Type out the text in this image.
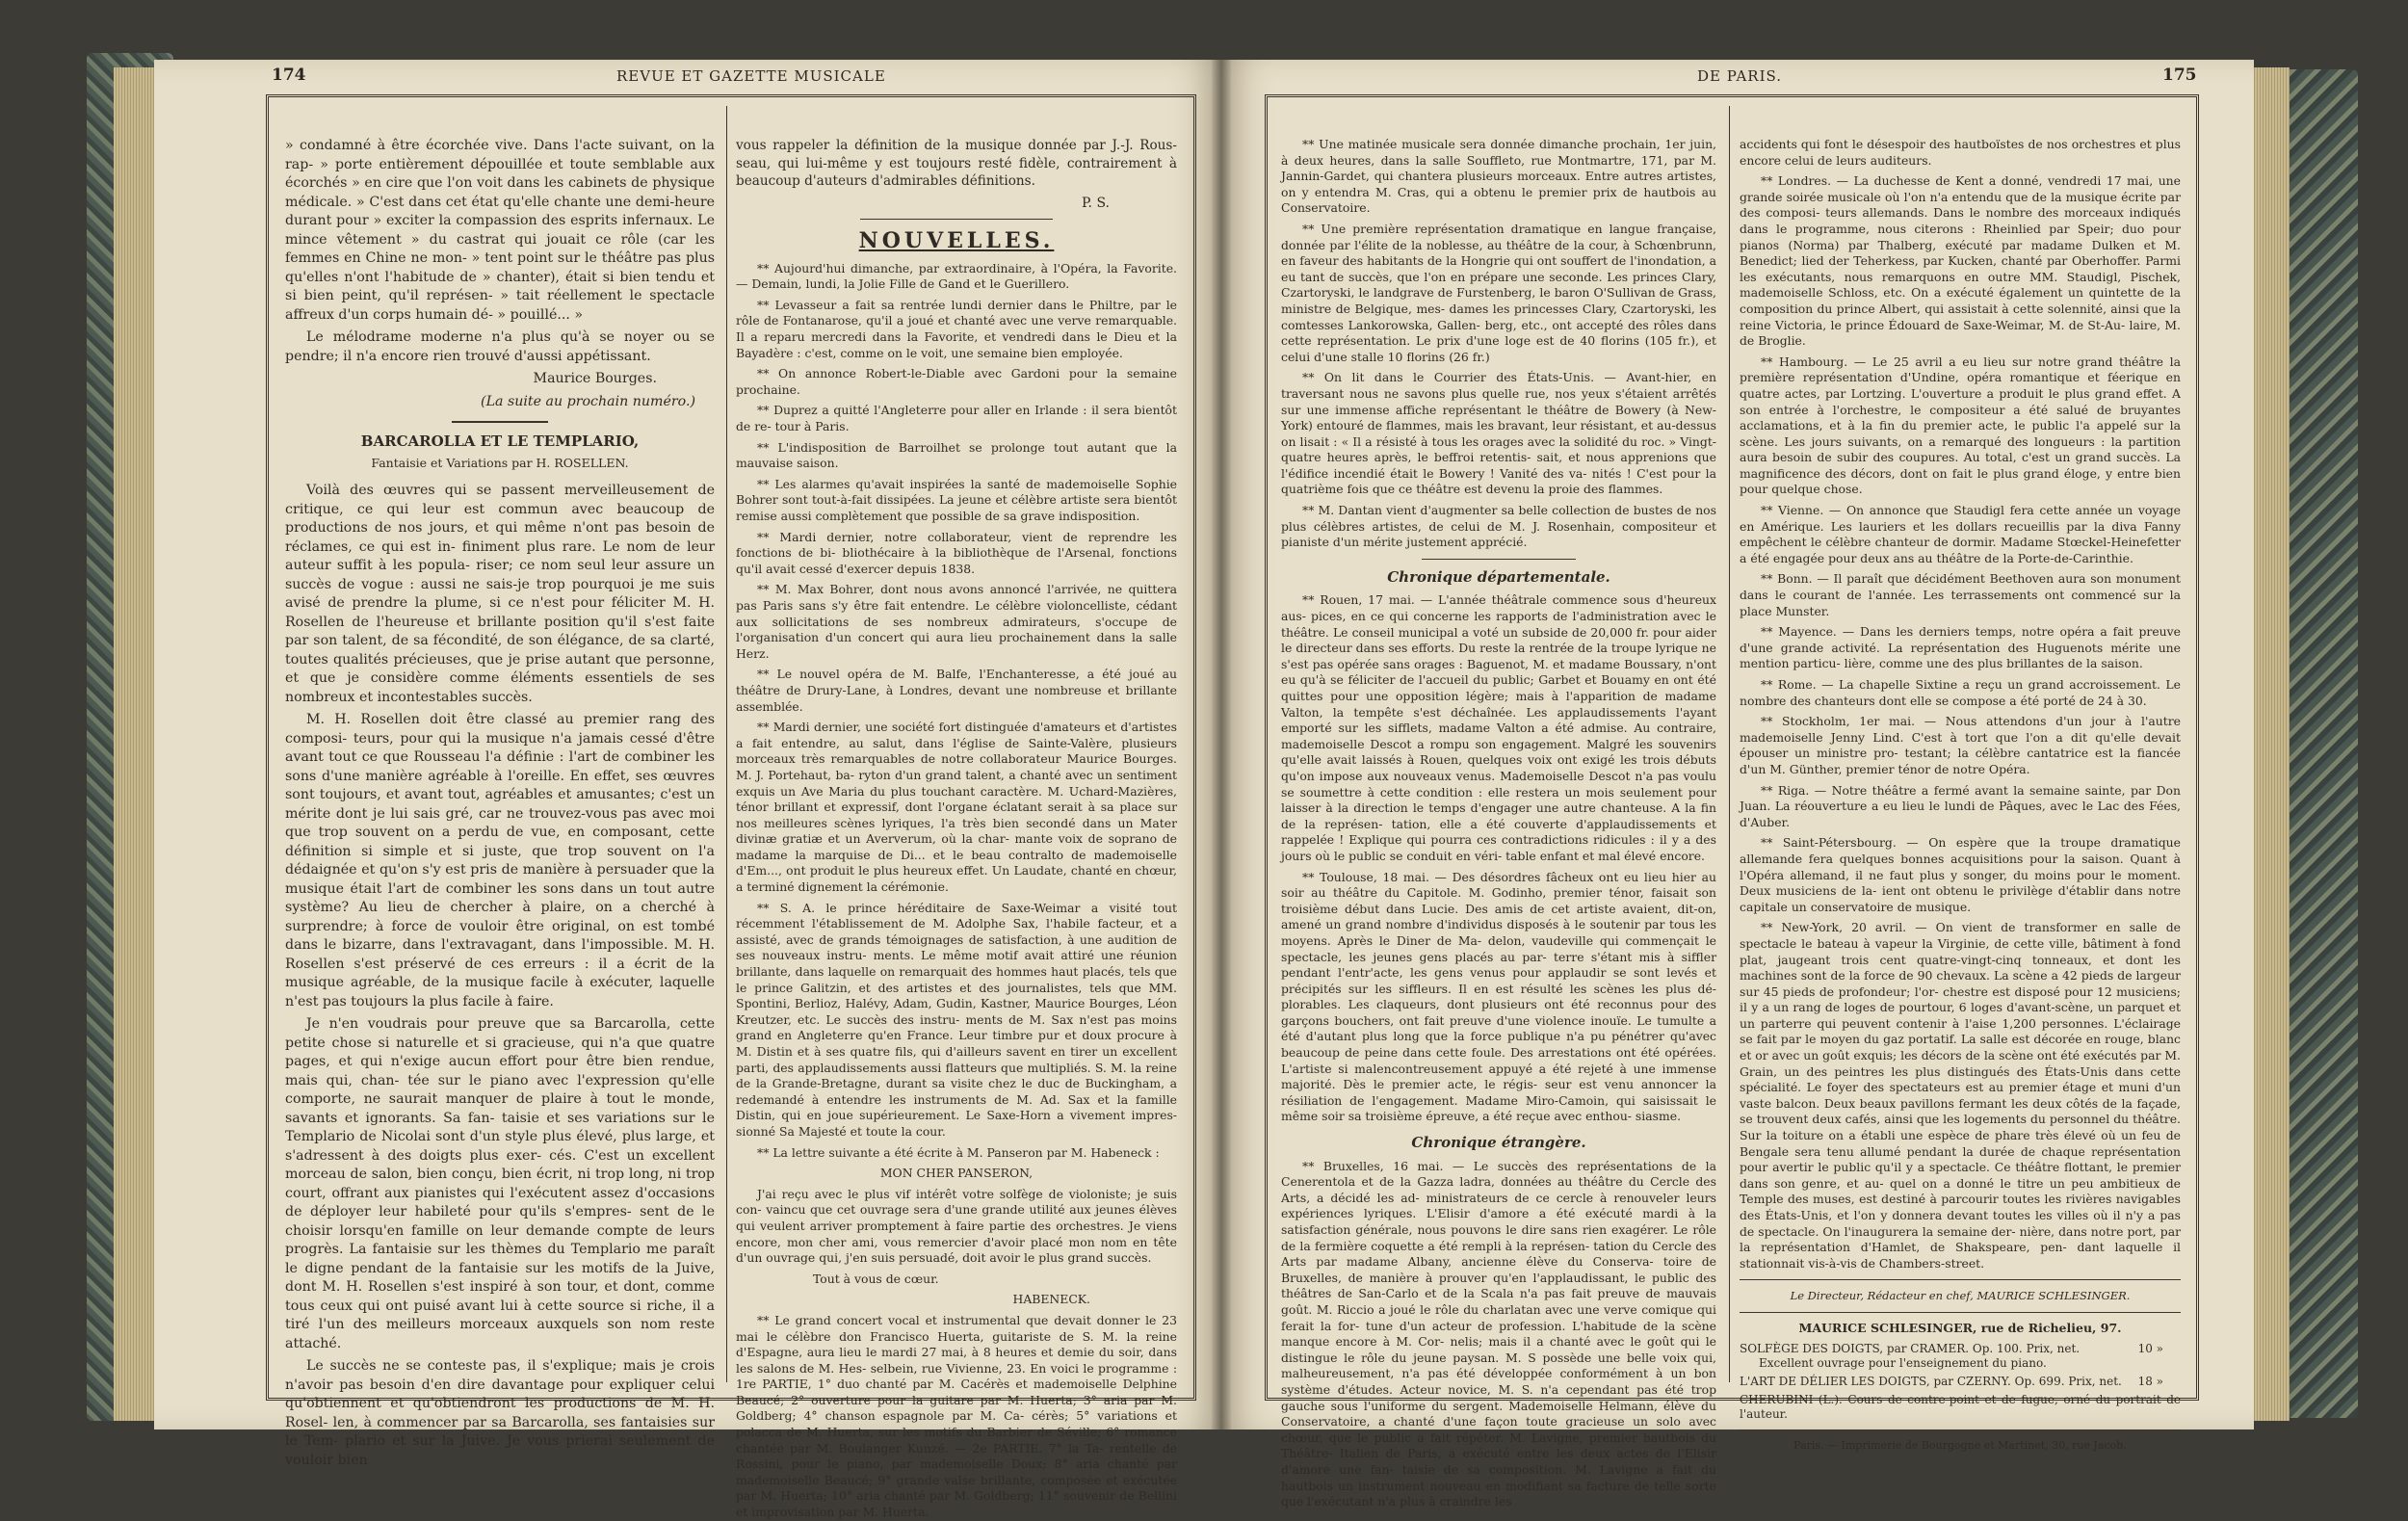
174	REVUE ET GAZETTE MUSICALE	DE PARIS.	175

» condamné à être écorchée vive. Dans l'acte suivant, on la rap- » porte entièrement dépouillée et toute semblable aux écorchés » en cire que l'on voit dans les cabinets de physique médicale. » C'est dans cet état qu'elle chante une demi-heure durant pour » exciter la compassion des esprits infernaux. Le mince vêtement » du castrat qui jouait ce rôle (car les femmes en Chine ne mon- » tent point sur le théâtre pas plus qu'elles n'ont l'habitude de » chanter), était si bien tendu et si bien peint, qu'il représen- » tait réellement le spectacle affreux d'un corps humain dé- » pouillé... »

Le mélodrame moderne n'a plus qu'à se noyer ou se pendre; il n'a encore rien trouvé d'aussi appétissant.

Maurice Bourges.

(La suite au prochain numéro.)

BARCAROLLA ET LE TEMPLARIO,
Fantaisie et Variations par H. ROSELLEN.

Voilà des œuvres qui se passent merveilleusement de critique, ce qui leur est commun avec beaucoup de productions de nos jours, et qui même n'ont pas besoin de réclames, ce qui est in- finiment plus rare. Le nom de leur auteur suffit à les popula- riser; ce nom seul leur assure un succès de vogue : aussi ne sais-je trop pourquoi je me suis avisé de prendre la plume, si ce n'est pour féliciter M. H. Rosellen de l'heureuse et brillante position qu'il s'est faite par son talent, de sa fécondité, de son élégance, de sa clarté, toutes qualités précieuses, que je prise autant que personne, et que je considère comme éléments essentiels de ses nombreux et incontestables succès.

M. H. Rosellen doit être classé au premier rang des composi- teurs, pour qui la musique n'a jamais cessé d'être avant tout ce que Rousseau l'a définie : l'art de combiner les sons d'une manière agréable à l'oreille. En effet, ses œuvres sont toujours, et avant tout, agréables et amusantes; c'est un mérite dont je lui sais gré, car ne trouvez-vous pas avec moi que trop souvent on a perdu de vue, en composant, cette définition si simple et si juste, que trop souvent on l'a dédaignée et qu'on s'y est pris de manière à persuader que la musique était l'art de combiner les sons dans un tout autre système? Au lieu de chercher à plaire, on a cherché à surprendre; à force de vouloir être original, on est tombé dans le bizarre, dans l'extravagant, dans l'impossible. M. H. Rosellen s'est préservé de ces erreurs : il a écrit de la musique agréable, de la musique facile à exécuter, laquelle n'est pas toujours la plus facile à faire.

Je n'en voudrais pour preuve que sa Barcarolla, cette petite chose si naturelle et si gracieuse, qui n'a que quatre pages, et qui n'exige aucun effort pour être bien rendue, mais qui, chan- tée sur le piano avec l'expression qu'elle comporte, ne saurait manquer de plaire à tout le monde, savants et ignorants. Sa fan- taisie et ses variations sur le Templario de Nicolai sont d'un style plus élevé, plus large, et s'adressent à des doigts plus exer- cés. C'est un excellent morceau de salon, bien conçu, bien écrit, ni trop long, ni trop court, offrant aux pianistes qui l'exécutent assez d'occasions de déployer leur habileté pour qu'ils s'empres- sent de le choisir lorsqu'en famille on leur demande compte de leurs progrès. La fantaisie sur les thèmes du Templario me paraît le digne pendant de la fantaisie sur les motifs de la Juive, dont M. H. Rosellen s'est inspiré à son tour, et dont, comme tous ceux qui ont puisé avant lui à cette source si riche, il a tiré l'un des meilleurs morceaux auxquels son nom reste attaché.

Le succès ne se conteste pas, il s'explique; mais je crois n'avoir pas besoin d'en dire davantage pour expliquer celui qu'obtiennent et qu'obtiendront les productions de M. H. Rosel- len, à commencer par sa Barcarolla, ses fantaisies sur le Tem- plario et sur la Juive. Je vous prierai seulement de vouloir bien

vous rappeler la définition de la musique donnée par J.-J. Rous- seau, qui lui-même y est toujours resté fidèle, contrairement à beaucoup d'auteurs d'admirables définitions.

P. S.

NOUVELLES.

** Aujourd'hui dimanche, par extraordinaire, à l'Opéra, la Favorite. — Demain, lundi, la Jolie Fille de Gand et le Guerillero.

** Levasseur a fait sa rentrée lundi dernier dans le Philtre, par le rôle de Fontanarose, qu'il a joué et chanté avec une verve remarquable. Il a reparu mercredi dans la Favorite, et vendredi dans le Dieu et la Bayadère : c'est, comme on le voit, une semaine bien employée.

** On annonce Robert-le-Diable avec Gardoni pour la semaine prochaine.

** Duprez a quitté l'Angleterre pour aller en Irlande : il sera bientôt de re- tour à Paris.

** L'indisposition de Barroilhet se prolonge tout autant que la mauvaise saison.

** Les alarmes qu'avait inspirées la santé de mademoiselle Sophie Bohrer sont tout-à-fait dissipées. La jeune et célèbre artiste sera bientôt remise aussi complètement que possible de sa grave indisposition.

** Mardi dernier, notre collaborateur, vient de reprendre les fonctions de bi- bliothécaire à la bibliothèque de l'Arsenal, fonctions qu'il avait cessé d'exercer depuis 1838.

** M. Max Bohrer, dont nous avons annoncé l'arrivée, ne quittera pas Paris sans s'y être fait entendre. Le célèbre violoncelliste, cédant aux sollicitations de ses nombreux admirateurs, s'occupe de l'organisation d'un concert qui aura lieu prochainement dans la salle Herz.

** Le nouvel opéra de M. Balfe, l'Enchanteresse, a été joué au théâtre de Drury-Lane, à Londres, devant une nombreuse et brillante assemblée.

** Mardi dernier, une société fort distinguée d'amateurs et d'artistes a fait entendre, au salut, dans l'église de Sainte-Valère, plusieurs morceaux très remarquables de notre collaborateur Maurice Bourges. M. J. Portehaut, ba- ryton d'un grand talent, a chanté avec un sentiment exquis un Ave Maria du plus touchant caractère. M. Uchard-Mazières, ténor brillant et expressif, dont l'organe éclatant serait à sa place sur nos meilleures scènes lyriques, l'a très bien secondé dans un Mater divinæ gratiæ et un Aververum, où la char- mante voix de soprano de madame la marquise de Di... et le beau contralto de mademoiselle d'Em..., ont produit le plus heureux effet. Un Laudate, chanté en chœur, a terminé dignement la cérémonie.

** S. A. le prince héréditaire de Saxe-Weimar a visité tout récemment l'établissement de M. Adolphe Sax, l'habile facteur, et a assisté, avec de grands témoignages de satisfaction, à une audition de ses nouveaux instru- ments. Le même motif avait attiré une réunion brillante, dans laquelle on remarquait des hommes haut placés, tels que le prince Galitzin, et des artistes et des journalistes, tels que MM. Spontini, Berlioz, Halévy, Adam, Gudin, Kastner, Maurice Bourges, Léon Kreutzer, etc. Le succès des instru- ments de M. Sax n'est pas moins grand en Angleterre qu'en France. Leur timbre pur et doux procure à M. Distin et à ses quatre fils, qui d'ailleurs savent en tirer un excellent parti, des applaudissements aussi flatteurs que multipliés. S. M. la reine de la Grande-Bretagne, durant sa visite chez le duc de Buckingham, a redemandé à entendre les instruments de M. Ad. Sax et la famille Distin, qui en joue supérieurement. Le Saxe-Horn a vivement impres- sionné Sa Majesté et toute la cour.

** La lettre suivante a été écrite à M. Panseron par M. Habeneck :

MON CHER PANSERON,

J'ai reçu avec le plus vif intérêt votre solfège de violoniste; je suis con- vaincu que cet ouvrage sera d'une grande utilité aux jeunes élèves qui veulent arriver promptement à faire partie des orchestres. Je viens encore, mon cher ami, vous remercier d'avoir placé mon nom en tête d'un ouvrage qui, j'en suis persuadé, doit avoir le plus grand succès.

Tout à vous de cœur.

HABENECK.

** Le grand concert vocal et instrumental que devait donner le 23 mai le célèbre don Francisco Huerta, guitariste de S. M. la reine d'Espagne, aura lieu le mardi 27 mai, à 8 heures et demie du soir, dans les salons de M. Hes- selbein, rue Vivienne, 23. En voici le programme : 1re PARTIE, 1° duo chanté par M. Cacérès et mademoiselle Delphine Beaucé; 2° ouverture pour la guitare par M. Huerta; 3° aria par M. Goldberg; 4° chanson espagnole par M. Ca- cérès; 5° variations et polacca de M. Huerta, sur les motifs du Barbier de Séville; 6° romance chantée par M. Boulanger Kunzé. — 2e PARTIE. 7° la Ta- rentelle de Rossini, pour le piano, par mademoiselle Doux; 8° aria chanté par mademoiselle Beaucé; 9° grande valse brillante, composée et exécutée par M. Huerta; 10° aria chanté par M. Goldberg; 11° souvenir de Bellini et improvisation par M. Huerta.

** Une matinée musicale sera donnée dimanche prochain, 1er juin, à deux heures, dans la salle Souffleto, rue Montmartre, 171, par M. Jannin-Gardet, qui chantera plusieurs morceaux. Entre autres artistes, on y entendra M. Cras, qui a obtenu le premier prix de hautbois au Conservatoire.

** Une première représentation dramatique en langue française, donnée par l'élite de la noblesse, au théâtre de la cour, à Schœnbrunn, en faveur des habitants de la Hongrie qui ont souffert de l'inondation, a eu tant de succès, que l'on en prépare une seconde. Les princes Clary, Czartoryski, le landgrave de Furstenberg, le baron O'Sullivan de Grass, ministre de Belgique, mes- dames les princesses Clary, Czartoryski, les comtesses Lankorowska, Gallen- berg, etc., ont accepté des rôles dans cette représentation. Le prix d'une loge est de 40 florins (105 fr.), et celui d'une stalle 10 florins (26 fr.)

** On lit dans le Courrier des États-Unis. — Avant-hier, en traversant nous ne savons plus quelle rue, nos yeux s'étaient arrêtés sur une immense affiche représentant le théâtre de Bowery (à New-York) entouré de flammes, mais les bravant, leur résistant, et au-dessus on lisait : « Il a résisté à tous les orages avec la solidité du roc. » Vingt-quatre heures après, le beffroi retentis- sait, et nous apprenions que l'édifice incendié était le Bowery ! Vanité des va- nités ! C'est pour la quatrième fois que ce théâtre est devenu la proie des flammes.

** M. Dantan vient d'augmenter sa belle collection de bustes de nos plus célèbres artistes, de celui de M. J. Rosenhain, compositeur et pianiste d'un mérite justement apprécié.

Chronique départementale.

** Rouen, 17 mai. — L'année théâtrale commence sous d'heureux aus- pices, en ce qui concerne les rapports de l'administration avec le théâtre. Le conseil municipal a voté un subside de 20,000 fr. pour aider le directeur dans ses efforts. Du reste la rentrée de la troupe lyrique ne s'est pas opérée sans orages : Baguenot, M. et madame Boussary, n'ont eu qu'à se féliciter de l'accueil du public; Garbet et Bouamy en ont été quittes pour une opposition légère; mais à l'apparition de madame Valton, la tempête s'est déchaînée. Les applaudissements l'ayant emporté sur les sifflets, madame Valton a été admise. Au contraire, mademoiselle Descot a rompu son engagement. Malgré les souvenirs qu'elle avait laissés à Rouen, quelques voix ont exigé les trois débuts qu'on impose aux nouveaux venus. Mademoiselle Descot n'a pas voulu se soumettre à cette condition : elle restera un mois seulement pour laisser à la direction le temps d'engager une autre chanteuse. A la fin de la représen- tation, elle a été couverte d'applaudissements et rappelée ! Explique qui pourra ces contradictions ridicules : il y a des jours où le public se conduit en véri- table enfant et mal élevé encore.

** Toulouse, 18 mai. — Des désordres fâcheux ont eu lieu hier au soir au théâtre du Capitole. M. Godinho, premier ténor, faisait son troisième début dans Lucie. Des amis de cet artiste avaient, dit-on, amené un grand nombre d'individus disposés à le soutenir par tous les moyens. Après le Diner de Ma- delon, vaudeville qui commençait le spectacle, les jeunes gens placés au par- terre s'étant mis à siffler pendant l'entr'acte, les gens venus pour applaudir se sont levés et précipités sur les siffleurs. Il en est résulté les scènes les plus dé- plorables. Les claqueurs, dont plusieurs ont été reconnus pour des garçons bouchers, ont fait preuve d'une violence inouïe. Le tumulte a été d'autant plus long que la force publique n'a pu pénétrer qu'avec beaucoup de peine dans cette foule. Des arrestations ont été opérées. L'artiste si malencontreusement appuyé a été rejeté à une immense majorité. Dès le premier acte, le régis- seur est venu annoncer la résiliation de l'engagement. Madame Miro-Camoin, qui saisissait le même soir sa troisième épreuve, a été reçue avec enthou- siasme.

Chronique étrangère.

** Bruxelles, 16 mai. — Le succès des représentations de la Cenerentola et de la Gazza ladra, données au théâtre du Cercle des Arts, a décidé les ad- ministrateurs de ce cercle à renouveler leurs expériences lyriques. L'Elisir d'amore a été exécuté mardi à la satisfaction générale, nous pouvons le dire sans rien exagérer. Le rôle de la fermière coquette a été rempli à la représen- tation du Cercle des Arts par madame Albany, ancienne élève du Conserva- toire de Bruxelles, de manière à prouver qu'en l'applaudissant, le public des théâtres de San-Carlo et de la Scala n'a pas fait preuve de mauvais goût. M. Riccio a joué le rôle du charlatan avec une verve comique qui ferait la for- tune d'un acteur de profession. L'habitude de la scène manque encore à M. Cor- nelis; mais il a chanté avec le goût qui le distingue le rôle du jeune paysan. M. S possède une belle voix qui, malheureusement, n'a pas été développée conformément à un bon système d'études. Acteur novice, M. S. n'a cependant pas été trop gauche sous l'uniforme du sergent. Mademoiselle Helmann, élève du Conservatoire, a chanté d'une façon toute gracieuse un solo avec chœur, que le public a fait répéter. M. Lavigne, premier hautbois du Théâtre- Italien de Paris, a exécuté entre les deux actes de l'Elisir d'amore une fan- taisie de sa composition. M. Lavigne a fait du hautbois un instrument nouveau en modifiant sa facture de telle sorte que l'exécutant n'a plus à craindre les

accidents qui font le désespoir des hautboïstes de nos orchestres et plus encore celui de leurs auditeurs.

** Londres. — La duchesse de Kent a donné, vendredi 17 mai, une grande soirée musicale où l'on n'a entendu que de la musique écrite par des composi- teurs allemands. Dans le nombre des morceaux indiqués dans le programme, nous citerons : Rheinlied par Speir; duo pour pianos (Norma) par Thalberg, exécuté par madame Dulken et M. Benedict; lied der Teherkess, par Kucken, chanté par Oberhoffer. Parmi les exécutants, nous remarquons en outre MM. Staudigl, Pischek, mademoiselle Schloss, etc. On a exécuté également un quintette de la composition du prince Albert, qui assistait à cette solennité, ainsi que la reine Victoria, le prince Édouard de Saxe-Weimar, M. de St-Au- laire, M. de Broglie.

** Hambourg. — Le 25 avril a eu lieu sur notre grand théâtre la première représentation d'Undine, opéra romantique et féerique en quatre actes, par Lortzing. L'ouverture a produit le plus grand effet. A son entrée à l'orchestre, le compositeur a été salué de bruyantes acclamations, et à la fin du premier acte, le public l'a appelé sur la scène. Les jours suivants, on a remarqué des longueurs : la partition aura besoin de subir des coupures. Au total, c'est un grand succès. La magnificence des décors, dont on fait le plus grand éloge, y entre bien pour quelque chose.

** Vienne. — On annonce que Staudigl fera cette année un voyage en Amérique. Les lauriers et les dollars recueillis par la diva Fanny empêchent le célèbre chanteur de dormir. Madame Stœckel-Heinefetter a été engagée pour deux ans au théâtre de la Porte-de-Carinthie.

** Bonn. — Il paraît que décidément Beethoven aura son monument dans le courant de l'année. Les terrassements ont commencé sur la place Munster.

** Mayence. — Dans les derniers temps, notre opéra a fait preuve d'une grande activité. La représentation des Huguenots mérite une mention particu- lière, comme une des plus brillantes de la saison.

** Rome. — La chapelle Sixtine a reçu un grand accroissement. Le nombre des chanteurs dont elle se compose a été porté de 24 à 30.

** Stockholm, 1er mai. — Nous attendons d'un jour à l'autre mademoiselle Jenny Lind. C'est à tort que l'on a dit qu'elle devait épouser un ministre pro- testant; la célèbre cantatrice est la fiancée d'un M. Günther, premier ténor de notre Opéra.

** Riga. — Notre théâtre a fermé avant la semaine sainte, par Don Juan. La réouverture a eu lieu le lundi de Pâques, avec le Lac des Fées, d'Auber.

** Saint-Pétersbourg. — On espère que la troupe dramatique allemande fera quelques bonnes acquisitions pour la saison. Quant à l'Opéra allemand, il ne faut plus y songer, du moins pour le moment. Deux musiciens de la- ient ont obtenu le privilège d'établir dans notre capitale un conservatoire de musique.

** New-York, 20 avril. — On vient de transformer en salle de spectacle le bateau à vapeur la Virginie, de cette ville, bâtiment à fond plat, jaugeant trois cent quatre-vingt-cinq tonneaux, et dont les machines sont de la force de 90 chevaux. La scène a 42 pieds de largeur sur 45 pieds de profondeur; l'or- chestre est disposé pour 12 musiciens; il y a un rang de loges de pourtour, 6 loges d'avant-scène, un parquet et un parterre qui peuvent contenir à l'aise 1,200 personnes. L'éclairage se fait par le moyen du gaz portatif. La salle est décorée en rouge, blanc et or avec un goût exquis; les décors de la scène ont été exécutés par M. Grain, un des peintres les plus distingués des États-Unis dans cette spécialité. Le foyer des spectateurs est au premier étage et muni d'un vaste balcon. Deux beaux pavillons fermant les deux côtés de la façade, se trouvent deux cafés, ainsi que les logements du personnel du théâtre. Sur la toiture on a établi une espèce de phare très élevé où un feu de Bengale sera tenu allumé pendant la durée de chaque représentation pour avertir le public qu'il y a spectacle. Ce théâtre flottant, le premier dans son genre, et au- quel on a donné le titre un peu ambitieux de Temple des muses, est destiné à parcourir toutes les rivières navigables des États-Unis, et l'on y donnera devant toutes les villes où il n'y a pas de spectacle. On l'inaugurera la semaine der- nière, dans notre port, par la représentation d'Hamlet, de Shakspeare, pen- dant laquelle il stationnait vis-à-vis de Chambers-street.

Le Directeur, Rédacteur en chef, MAURICE SCHLESINGER.

MAURICE SCHLESINGER, rue de Richelieu, 97.

SOLFÈGE DES DOIGTS, par CRAMER. Op. 100. Prix, net.	10 »
Excellent ouvrage pour l'enseignement du piano.
L'ART DE DÉLIER LES DOIGTS, par CZERNY. Op. 699. Prix, net. 18 »
CHERUBINI (L.). Cours de contre-point et de fugue, orné du portrait de l'auteur.

Paris. — Imprimerie de Bourgogne et Martinet, 30, rue Jacob.
